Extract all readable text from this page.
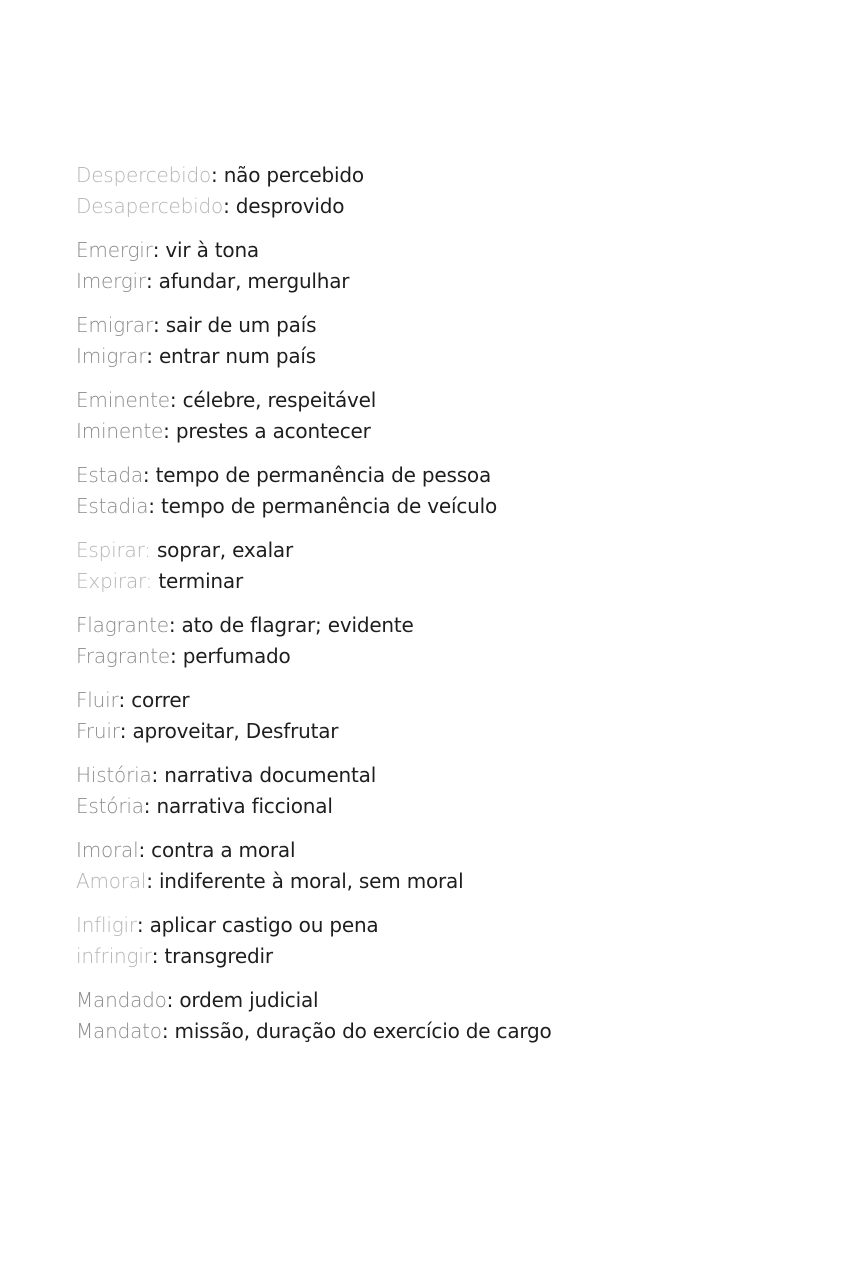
Despercebido: não percebido
Desapercebido: desprovido
Emergir: vir à tona
Imergir: afundar, mergulhar
Emigrar: sair de um país
Imigrar: entrar num país
Eminente: célebre, respeitável
Iminente: prestes a acontecer
Estada: tempo de permanência de pessoa
Estadia: tempo de permanência de veículo
Espirar: soprar, exalar
Expirar: terminar
Flagrante: ato de flagrar; evidente
Fragrante: perfumado
Fluir: correr
Fruir: aproveitar, Desfrutar
História: narrativa documental
Estória: narrativa ficcional
Imoral: contra a moral
Amoral: indiferente à moral, sem moral
Infligir: aplicar castigo ou pena
infringir: transgredir
Mandado: ordem judicial
Mandato: missão, duração do exercício de cargo
